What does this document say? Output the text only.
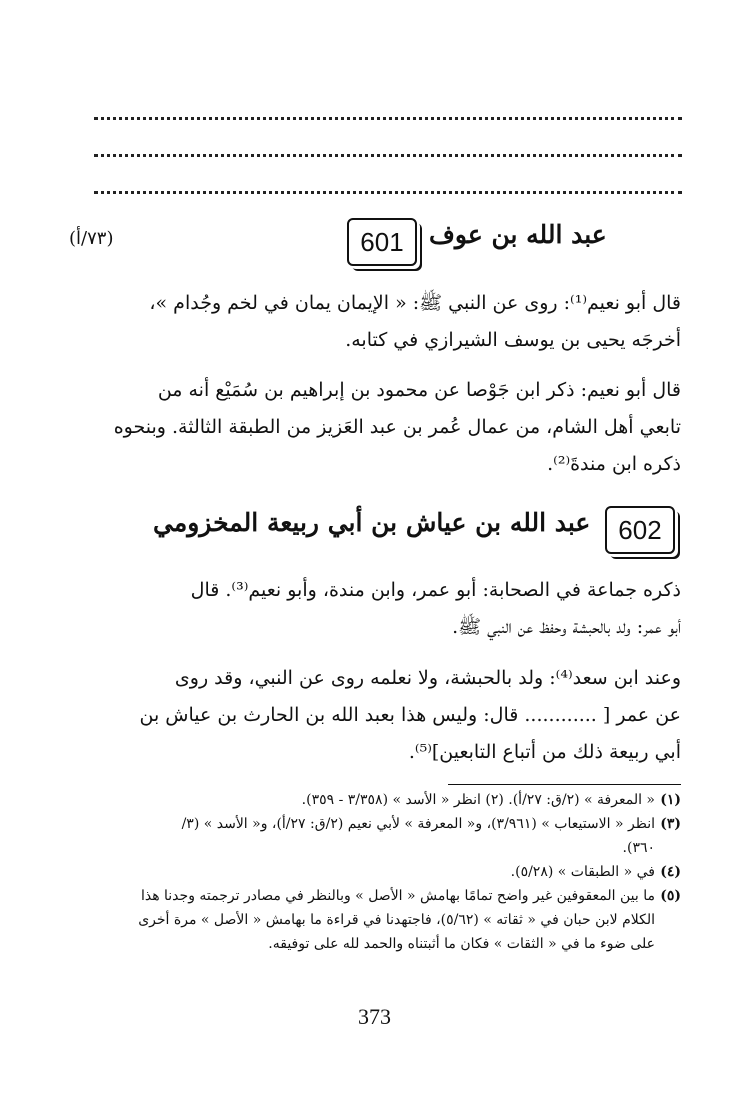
601	عبد الله بن عوف
(٧٣/أ)
قال أبو نعيم⁽¹⁾: روى عن النبي ﷺ: « الإيمان يمان في لخم وجُدام »،
أخرجَه يحيى بن يوسف الشيرازي في كتابه.
قال أبو نعيم: ذكر ابن جَوْصا عن محمود بن إبراهيم بن سُمَيْع أنه من
تابعي أهل الشام، من عمال عُمر بن عبد العَزيز من الطبقة الثالثة. وبنحوه
ذكره ابن مندةَ⁽²⁾.
602
عبد الله بن عياش بن أبي ربيعة المخزومي
ذكره جماعة في الصحابة: أبو عمر، وابن مندة، وأبو نعيم⁽³⁾. قال
أبو عمر: ولد بالحبشة وحفظ عن النبي ﷺ.
وعند ابن سعد⁽⁴⁾: ولد بالحبشة، ولا نعلمه روى عن النبي، وقد روى
عن عمر [ ............ قال: وليس هذا بعبد الله بن الحارث بن عياش بن
أبي ربيعة ذلك من أتباع التابعين]⁽⁵⁾.
(١)« المعرفة » (٢/ق: ٢٧/أ). (٢) انظر « الأسد » (٣/٣٥٨ - ٣٥٩).
(٣)انظر « الاستيعاب » (٣/٩٦١)، و« المعرفة » لأبي نعيم (٢/ق: ٢٧/أ)، و« الأسد » (٣/
٣٦٠).
(٤)في « الطبقات » (٥/٢٨).
(٥)ما بين المعقوفين غير واضح تمامًا بهامش « الأصل » وبالنظر في مصادر ترجمته وجدنا هذا
الكلام لابن حبان في « ثقاته » (٥/٦٢)، فاجتهدنا في قراءة ما بهامش « الأصل » مرة أخرى
على ضوء ما في « الثقات » فكان ما أثبتناه والحمد لله على توفيقه.
373
